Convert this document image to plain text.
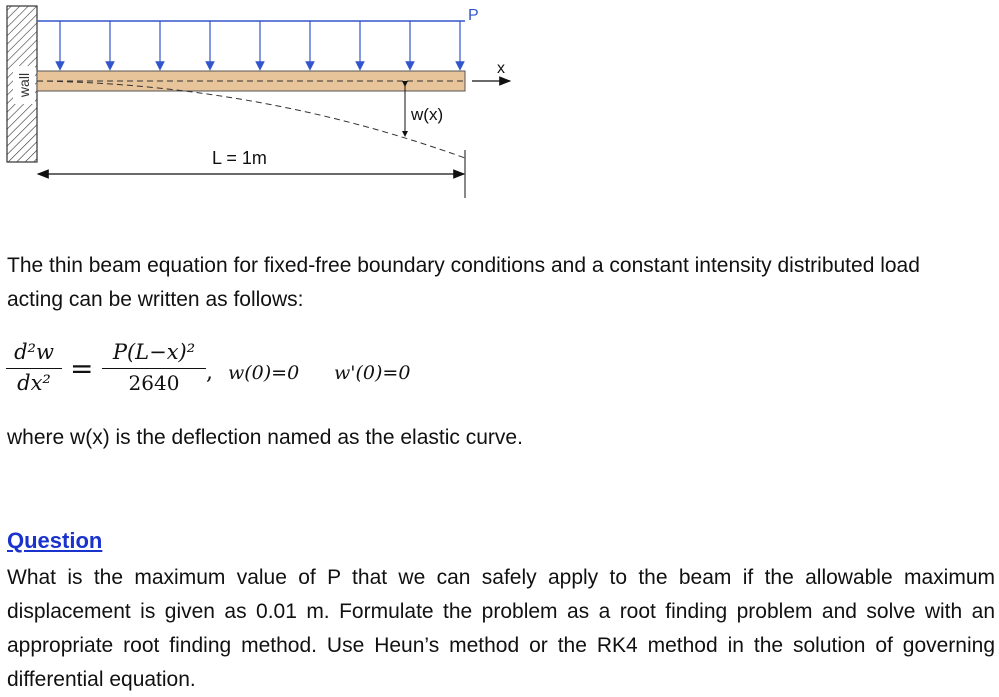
wall
P
w(x)
x
L = 1m

The thin beam equation for fixed-free boundary conditions and a constant intensity distributed load acting can be written as follows:

d²w
dx² = P(L−x)²
2640	, w(0)=0 w'(0)=0

where w(x) is the deflection named as the elastic curve.

Question

What is the maximum value of P that we can safely apply to the beam if the allowable maximum displacement is given as 0.01 m. Formulate the problem as a root finding problem and solve with an appropriate root finding method. Use Heun’s method or the RK4 method in the solution of governing differential equation.
